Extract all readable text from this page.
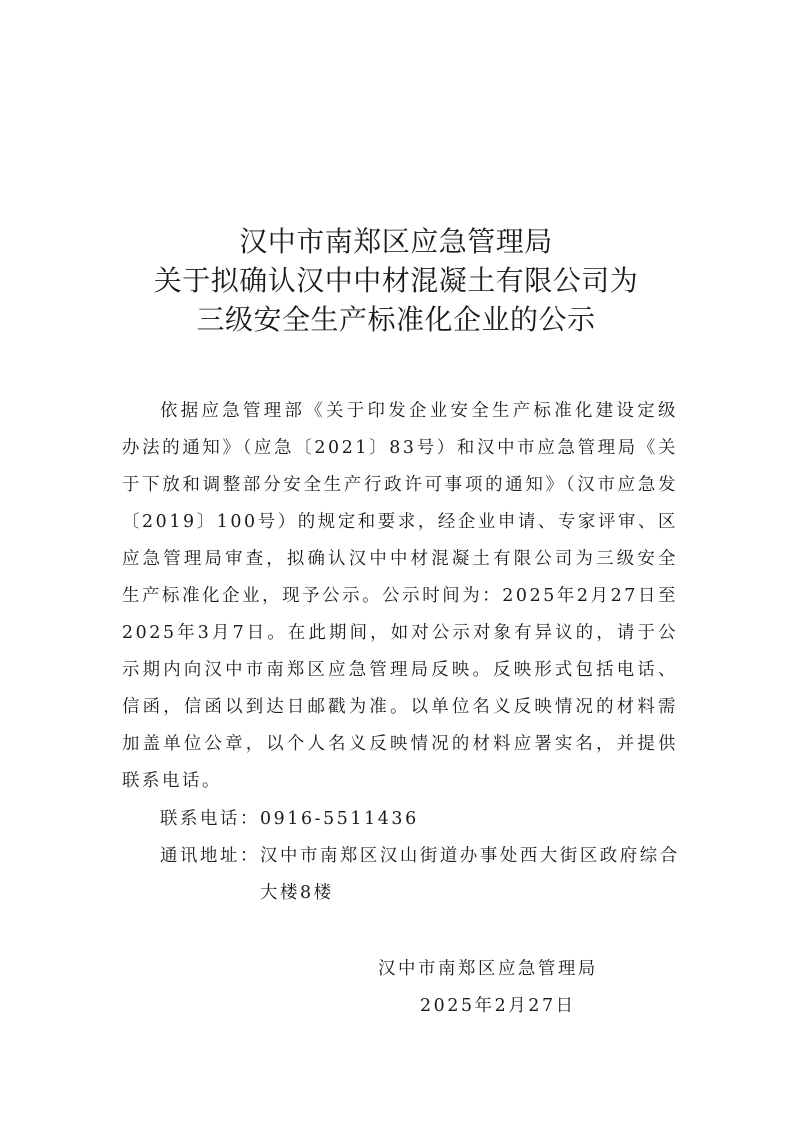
汉中市南郑区应急管理局
关于拟确认汉中中材混凝土有限公司为
三级安全生产标准化企业的公示

依据应急管理部《关于印发企业安全生产标准化建设定级办法的通知》（应急〔2021〕83号）和汉中市应急管理局《关于下放和调整部分安全生产行政许可事项的通知》（汉市应急发〔2019〕100号）的规定和要求，经企业申请、专家评审、区应急管理局审查，拟确认汉中中材混凝土有限公司为三级安全生产标准化企业，现予公示。公示时间为：2025年2月27日至2025年3月7日。在此期间，如对公示对象有异议的，请于公示期内向汉中市南郑区应急管理局反映。反映形式包括电话、信函，信函以到达日邮戳为准。以单位名义反映情况的材料需加盖单位公章，以个人名义反映情况的材料应署实名，并提供联系电话。

联系电话：0916-5511436
通讯地址：汉中市南郑区汉山街道办事处西大街区政府综合大楼8楼
汉中市南郑区应急管理局
2025年2月27日
